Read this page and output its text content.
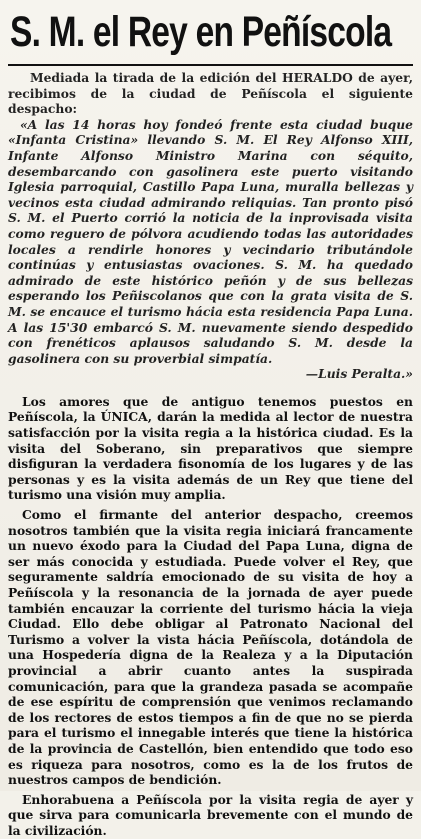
S. M. el Rey en Peñíscola

Mediada la tirada de la edición del HERALDO de ayer, recibimos de la ciudad de Peñíscola el siguiente despacho:

«A las 14 horas hoy fondeó frente esta ciudad buque «Infanta Cristina» llevando S. M. El Rey Alfonso XIII, Infante Alfonso Ministro Marina con séquito, desembarcando con gasolinera este puerto visitando Iglesia parroquial, Castillo Papa Luna, muralla bellezas y vecinos esta ciudad admirando reliquias. Tan pronto pisó S. M. el Puerto corrió la noticia de la inprovisada visita como reguero de pólvora acudiendo todas las autoridades locales a rendirle honores y vecindario tributándole continúas y entusiastas ovaciones. S. M. ha quedado admirado de este histórico peñón y de sus bellezas esperando los Peñiscolanos que con la grata visita de S. M. se encauce el turismo hácia esta residencia Papa Luna. A las 15'30 embarcó S. M. nuevamente siendo despedido con frenéticos aplausos saludando S. M. desde la gasolinera con su proverbial simpatía.
—Luis Peralta.»

Los amores que de antiguo tenemos puestos en Peñíscola, la ÚNICA, darán la medida al lector de nuestra satisfacción por la visita regia a la histórica ciudad. Es la visita del Soberano, sin preparativos que siempre disfiguran la verdadera fisonomía de los lugares y de las personas y es la visita además de un Rey que tiene del turismo una visión muy amplia.

Como el firmante del anterior despacho, creemos nosotros también que la visita regia iniciará francamente un nuevo éxodo para la Ciudad del Papa Luna, digna de ser más conocida y estudiada. Puede volver el Rey, que seguramente saldría emocionado de su visita de hoy a Peñíscola y la resonancia de la jornada de ayer puede también encauzar la corriente del turismo hácia la vieja Ciudad. Ello debe obligar al Patronato Nacional del Turismo a volver la vista hácia Peñíscola, dotándola de una Hospedería digna de la Realeza y a la Diputación provincial a abrir cuanto antes la suspirada comunicación, para que la grandeza pasada se acompañe de ese espíritu de comprensión que venimos reclamando de los rectores de estos tiempos a fin de que no se pierda para el turismo el innegable interés que tiene la histórica de la provincia de Castellón, bien entendido que todo eso es riqueza para nosotros, como es la de los frutos de nuestros campos de bendición.

Enhorabuena a Peñíscola por la visita regia de ayer y que sirva para comunicarla brevemente con el mundo de la civilización.
